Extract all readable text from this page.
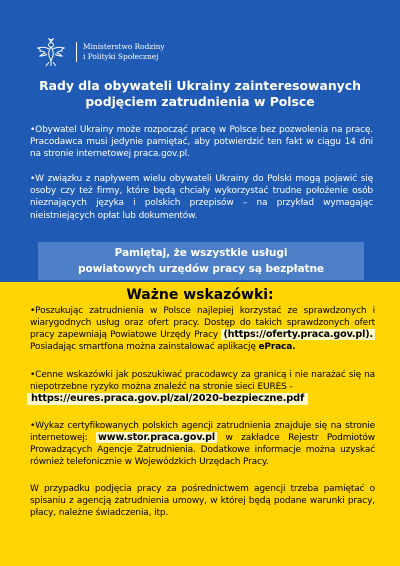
Ministerstwo Rodziny
i Polityki Społecznej
Rady dla obywateli Ukrainy zainteresowanych
podjęciem zatrudnienia w Polsce

•Obywatel Ukrainy może rozpocząć pracę w Polsce bez pozwolenia na pracę. Pracodawca musi jedynie pamiętać, aby potwierdzić ten fakt w ciągu 14 dni na stronie internetowej praca.gov.pl.

•W związku z napływem wielu obywateli Ukrainy do Polski mogą pojawić się osoby czy też firmy, które będą chciały wykorzystać trudne położenie osób nieznających języka i polskich przepisów – na przykład wymagając nieistniejących opłat lub dokumentów.

Pamiętaj, że wszystkie usługi
powiatowych urzędów pracy są bezpłatne
Ważne wskazówki:

•Poszukując zatrudnienia w Polsce najlepiej korzystać ze sprawdzonych i wiarygodnych usług oraz ofert pracy. Dostęp do takich sprawdzonych ofert pracy zapewniają Powiatowe Urzędy Pracy (https://oferty.praca.gov.pl). Posiadając smartfona można zainstalować aplikację ePraca.

•Cenne wskazówki jak poszukiwać pracodawcy za granicą i nie narażać się na niepotrzebne ryzyko można znaleźć na stronie sieci EURES -
https://eures.praca.gov.pl/zal/2020-bezpieczne.pdf

•Wykaz certyfikowanych polskich agencji zatrudnienia znajduje się na stronie internetowej: www.stor.praca.gov.pl w zakładce Rejestr Podmiotów Prowadzących Agencje Zatrudnienia. Dodatkowe informacje można uzyskać również telefonicznie w Wojewódzkich Urzędach Pracy.

W przypadku podjęcia pracy za pośrednictwem agencji trzeba pamiętać o spisaniu z agencją zatrudnienia umowy, w której będą podane warunki pracy, płacy, należne świadczenia, itp.
